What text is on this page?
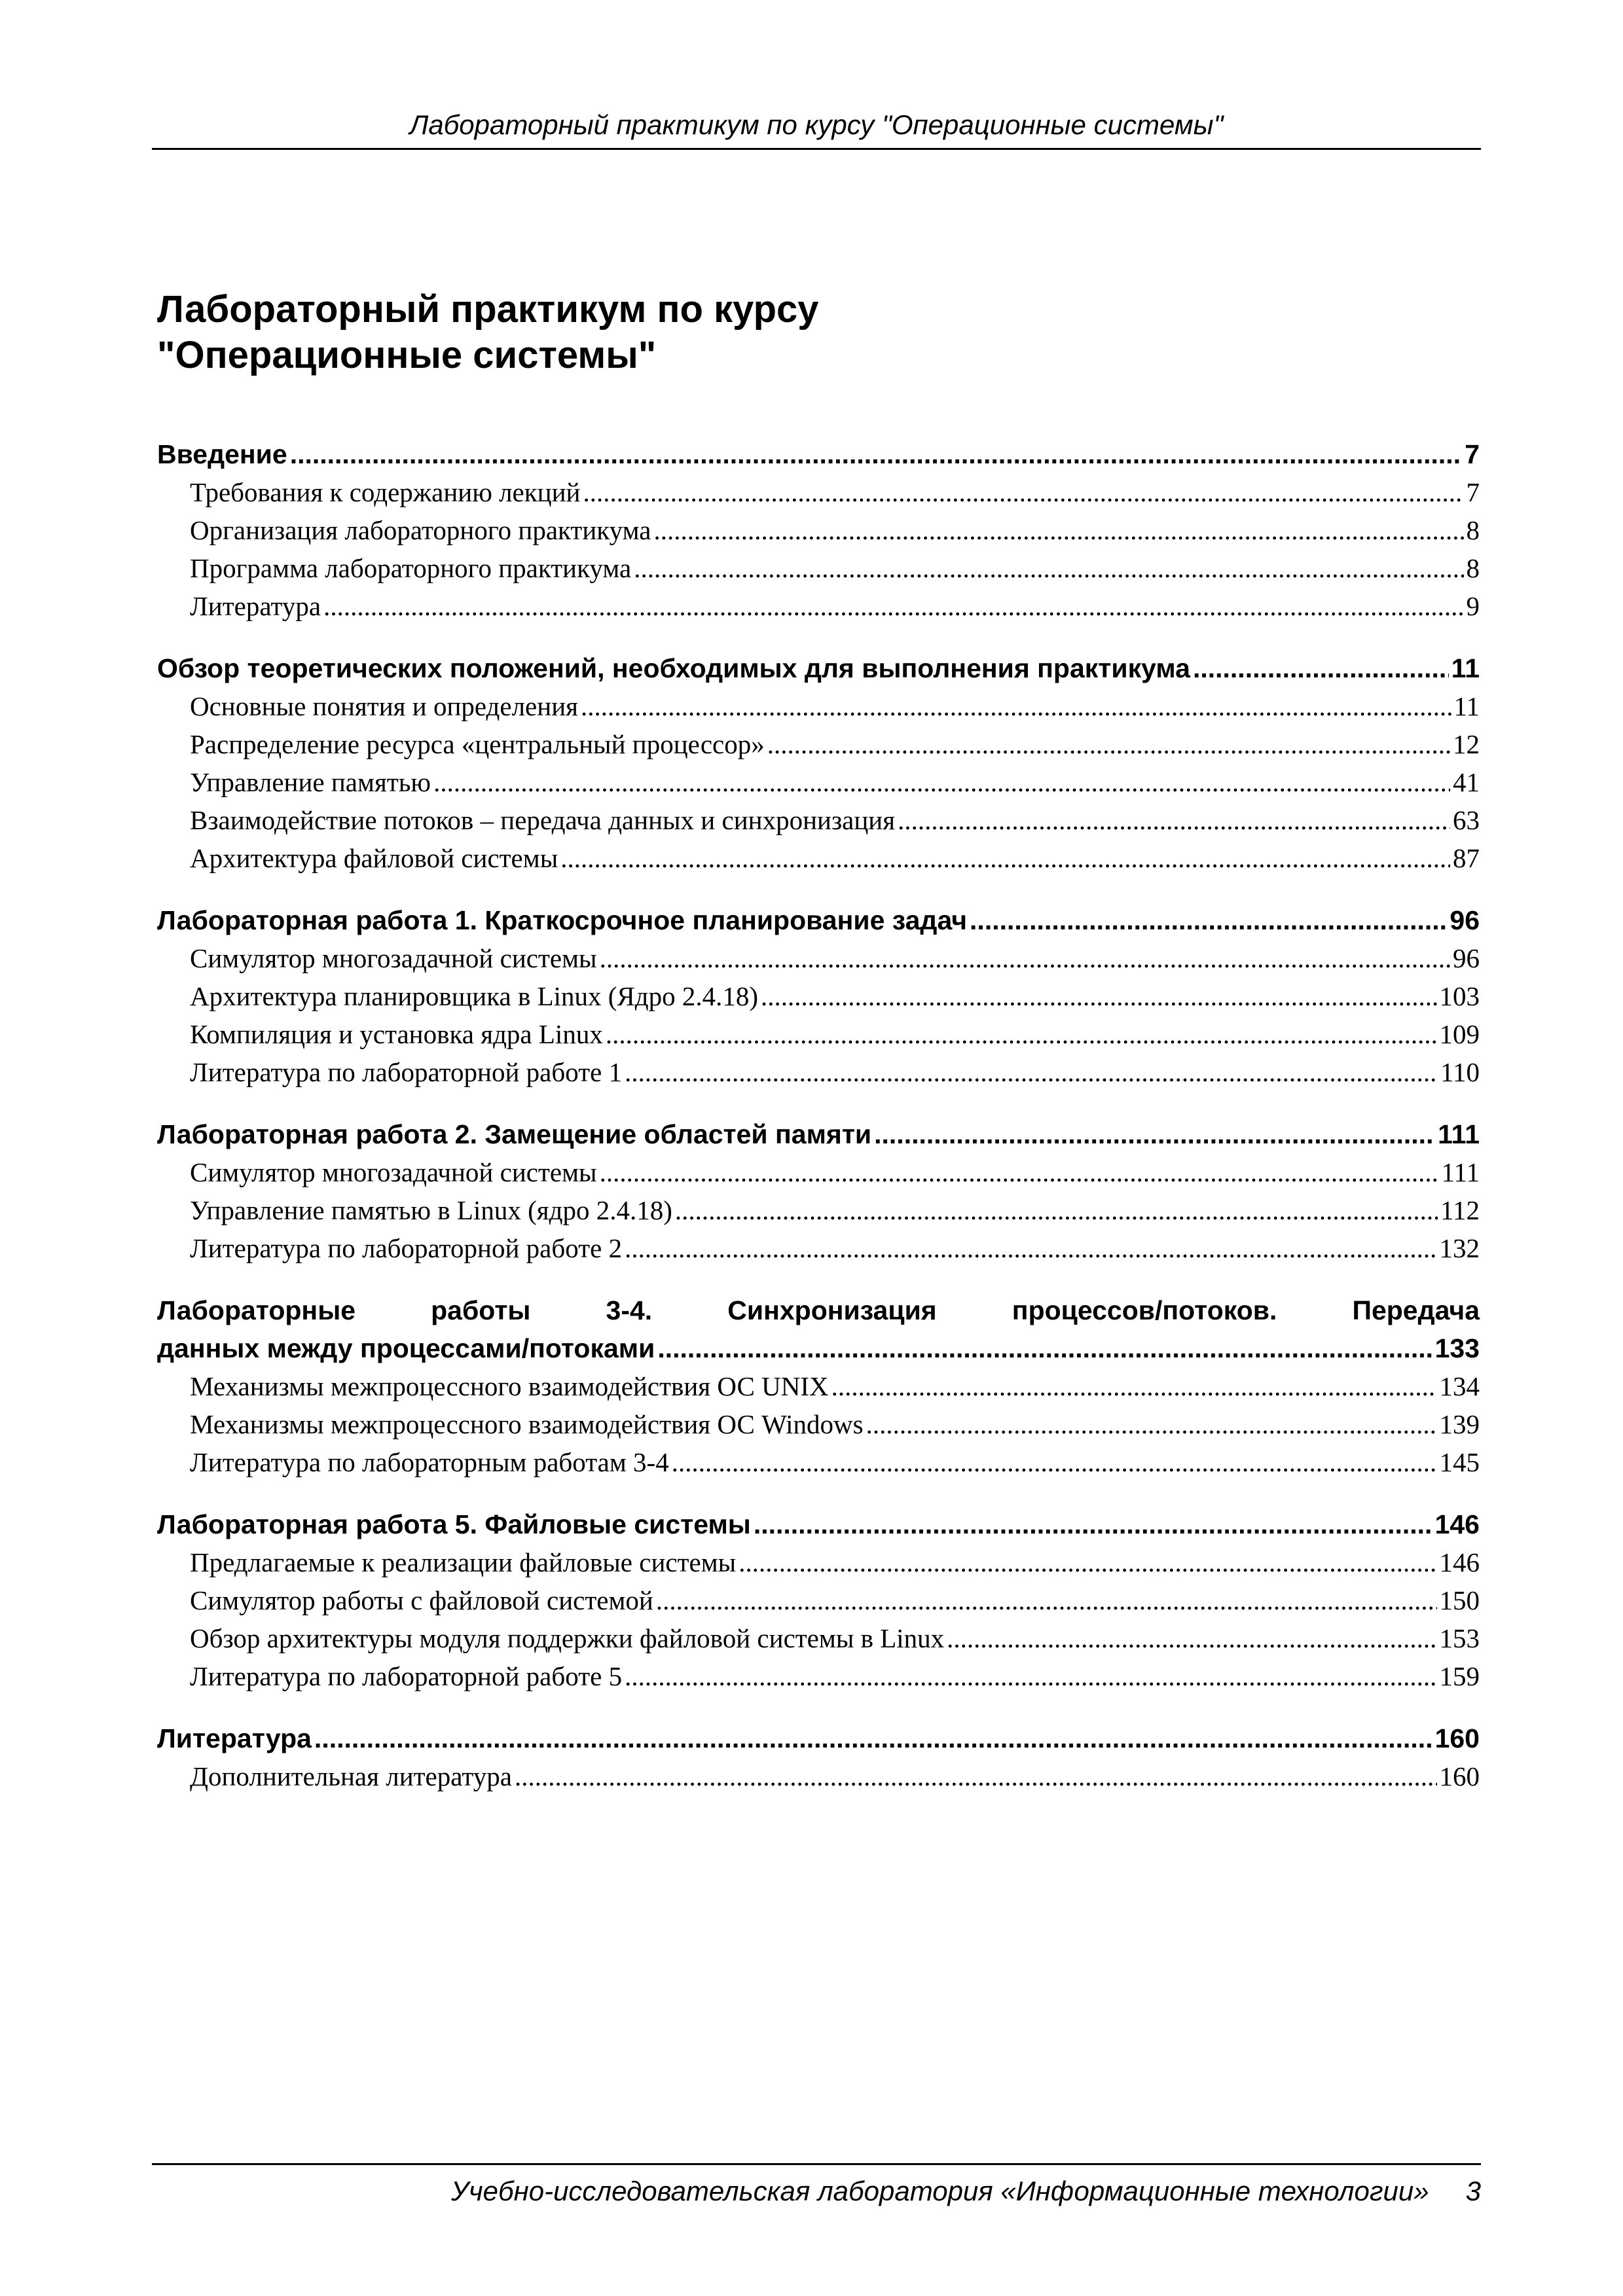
Лабораторный практикум по курсу "Операционные системы"
Лабораторный практикум по курсу
"Операционные системы"
Введение .....	7
Требования к содержанию лекций .....	7
Организация лабораторного практикума .....	8
Программа лабораторного практикума .....	8
Литература .....	9
Обзор теоретических положений, необходимых для выполнения практикума .....	11
Основные понятия и определения .....	11
Распределение ресурса «центральный процессор» .....	12
Управление памятью .....	41
Взаимодействие потоков – передача данных и синхронизация .....	63
Архитектура файловой системы .....	87
Лабораторная работа 1. Краткосрочное планирование задач .....	96
Симулятор многозадачной системы .....	96
Архитектура планировщика в Linux (Ядро 2.4.18) .....	103
Компиляция и установка ядра Linux .....	109
Литература по лабораторной работе 1 .....	110
Лабораторная работа 2. Замещение областей памяти .....	111
Симулятор многозадачной системы .....	111
Управление памятью в Linux (ядро 2.4.18) .....	112
Литература по лабораторной работе 2 .....	132
Лабораторные работы 3-4. Синхронизация процессов/потоков. Передача
данных между процессами/потоками .....	133
Механизмы межпроцессного взаимодействия ОС UNIX .....	134
Механизмы межпроцессного взаимодействия ОС Windows .....	139
Литература по лабораторным работам 3-4 .....	145
Лабораторная работа 5. Файловые системы .....	146
Предлагаемые к реализации файловые системы .....	146
Симулятор работы с файловой системой .....	150
Обзор архитектуры модуля поддержки файловой системы в Linux .....	153
Литература по лабораторной работе 5 .....	159
Литература .....	160
Дополнительная литература .....	160
Учебно-исследовательская лаборатория «Информационные технологии» 3
